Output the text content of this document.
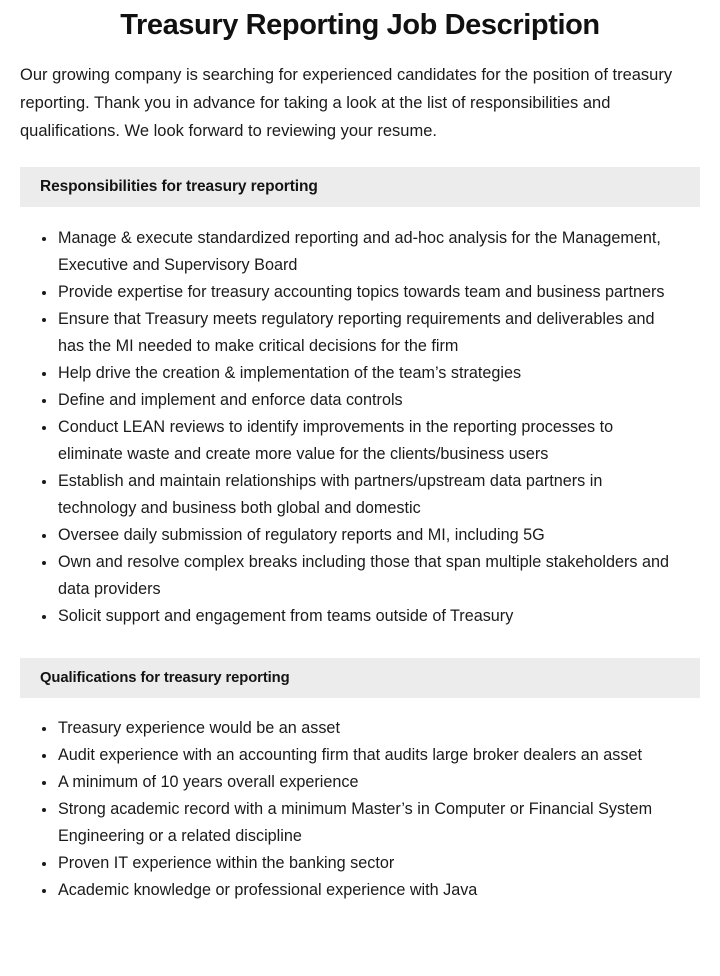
Treasury Reporting Job Description

Our growing company is searching for experienced candidates for the position of treasury reporting. Thank you in advance for taking a look at the list of responsibilities and qualifications. We look forward to reviewing your resume.

Responsibilities for treasury reporting
Manage & execute standardized reporting and ad-hoc analysis for the Management, Executive and Supervisory Board
Provide expertise for treasury accounting topics towards team and business partners
Ensure that Treasury meets regulatory reporting requirements and deliverables and has the MI needed to make critical decisions for the firm
Help drive the creation & implementation of the team’s strategies
Define and implement and enforce data controls
Conduct LEAN reviews to identify improvements in the reporting processes to eliminate waste and create more value for the clients/business users
Establish and maintain relationships with partners/upstream data partners in technology and business both global and domestic
Oversee daily submission of regulatory reports and MI, including 5G
Own and resolve complex breaks including those that span multiple stakeholders and data providers
Solicit support and engagement from teams outside of Treasury
Qualifications for treasury reporting
Treasury experience would be an asset
Audit experience with an accounting firm that audits large broker dealers an asset
A minimum of 10 years overall experience
Strong academic record with a minimum Master’s in Computer or Financial System Engineering or a related discipline
Proven IT experience within the banking sector
Academic knowledge or professional experience with Java
